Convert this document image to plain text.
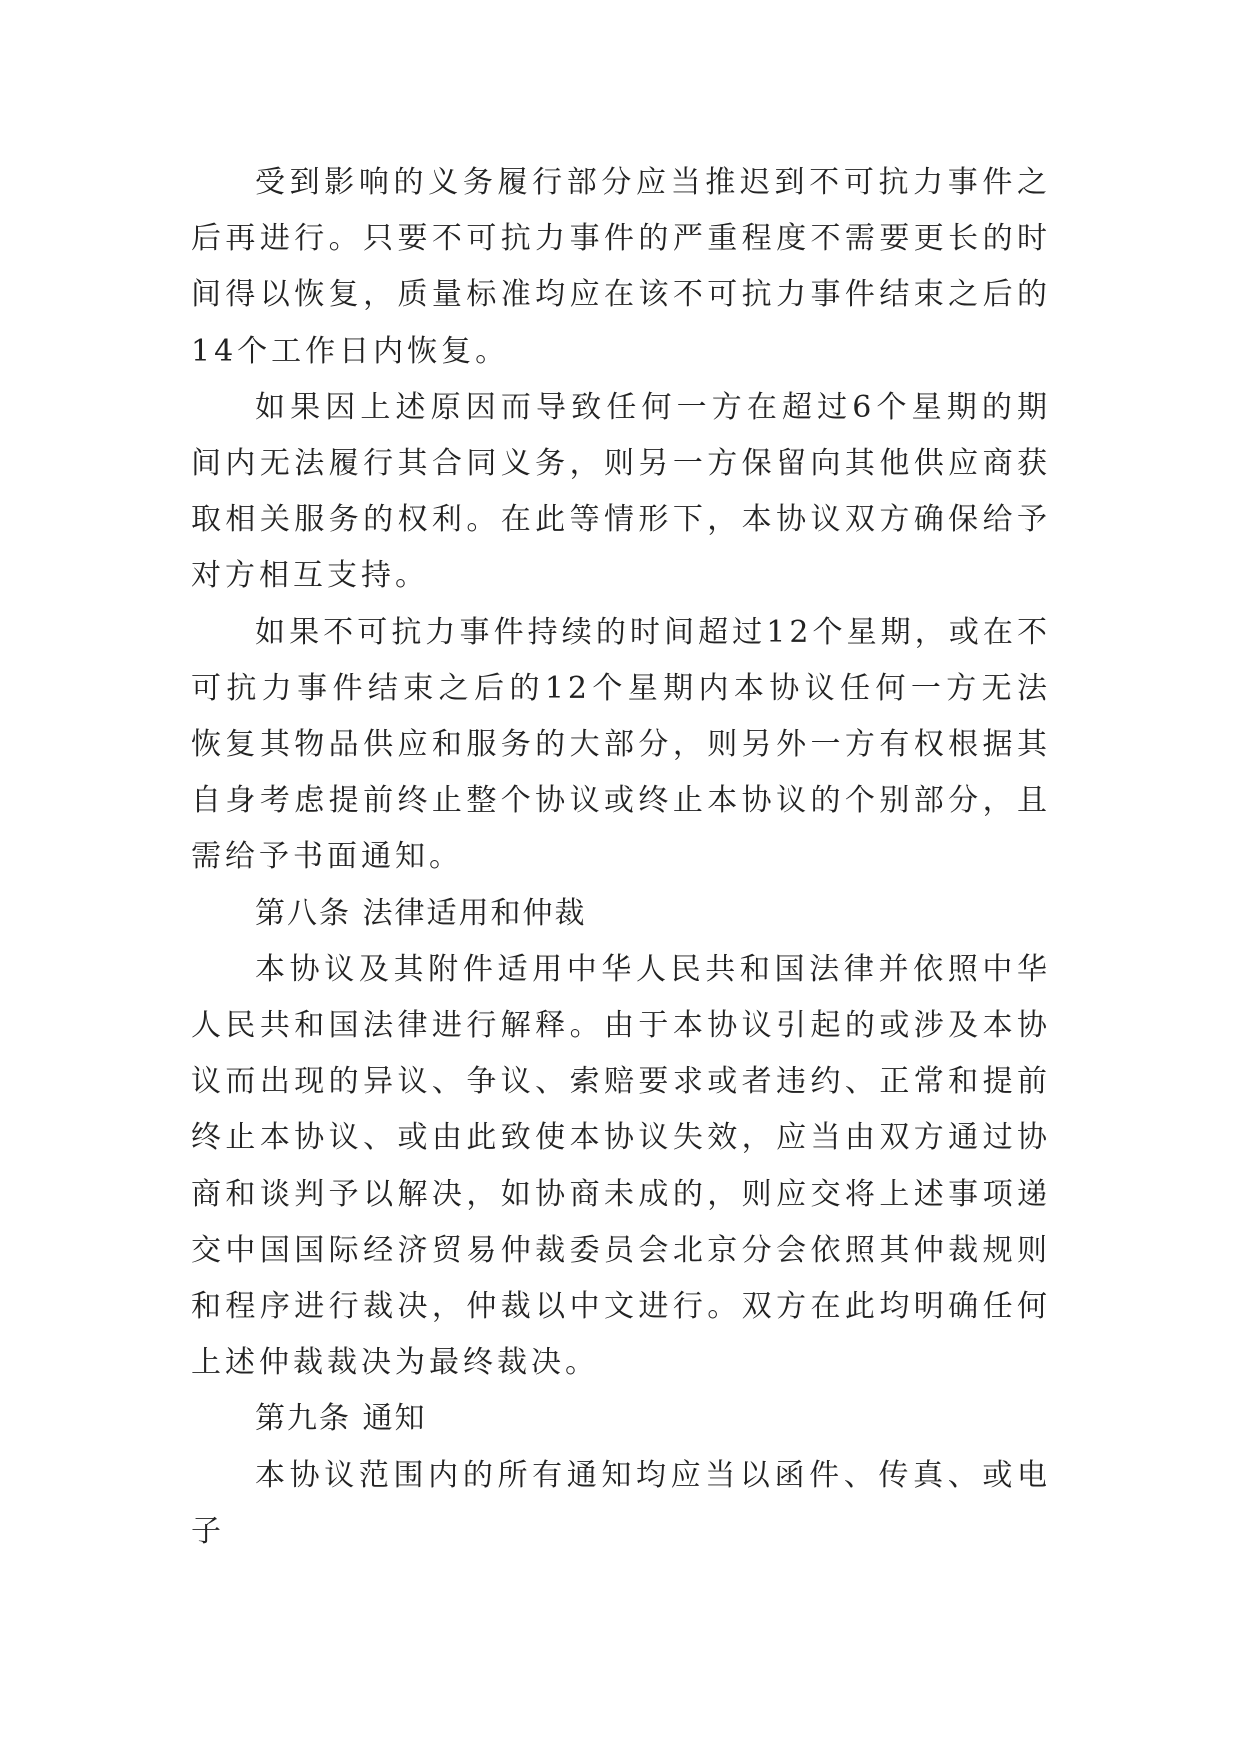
受到影响的义务履行部分应当推迟到不可抗力事件之后再进行。只要不可抗力事件的严重程度不需要更长的时间得以恢复，质量标准均应在该不可抗力事件结束之后的14个工作日内恢复。

如果因上述原因而导致任何一方在超过6个星期的期间内无法履行其合同义务，则另一方保留向其他供应商获取相关服务的权利。在此等情形下，本协议双方确保给予对方相互支持。

如果不可抗力事件持续的时间超过12个星期，或在不可抗力事件结束之后的12个星期内本协议任何一方无法恢复其物品供应和服务的大部分，则另外一方有权根据其自身考虑提前终止整个协议或终止本协议的个别部分，且需给予书面通知。

第八条 法律适用和仲裁

本协议及其附件适用中华人民共和国法律并依照中华人民共和国法律进行解释。由于本协议引起的或涉及本协议而出现的异议、争议、索赔要求或者违约、正常和提前终止本协议、或由此致使本协议失效，应当由双方通过协商和谈判予以解决，如协商未成的，则应交将上述事项递交中国国际经济贸易仲裁委员会北京分会依照其仲裁规则和程序进行裁决，仲裁以中文进行。双方在此均明确任何上述仲裁裁决为最终裁决。

第九条 通知

本协议范围内的所有通知均应当以函件、传真、或电子
